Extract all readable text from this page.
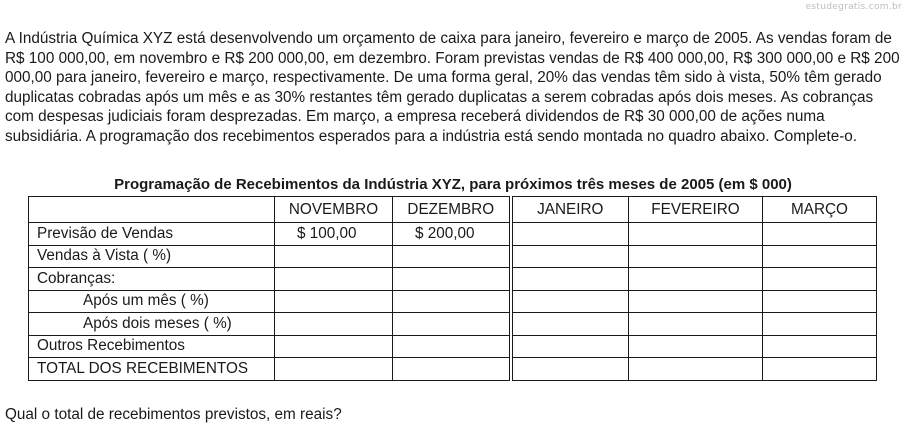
estudegratis.com.br

A Indústria Química XYZ está desenvolvendo um orçamento de caixa para janeiro, fevereiro e março de 2005. As vendas foram de R$ 100 000,00, em novembro e R$ 200 000,00, em dezembro. Foram previstas vendas de R$ 400 000,00, R$ 300 000,00 e R$ 200 000,00 para janeiro, fevereiro e março, respectivamente. De uma forma geral, 20% das vendas têm sido à vista, 50% têm gerado duplicatas cobradas após um mês e as 30% restantes têm gerado duplicatas a serem cobradas após dois meses. As cobranças com despesas judiciais foram desprezadas. Em março, a empresa receberá dividendos de R$ 30 000,00 de ações numa subsidiária. A programação dos recebimentos esperados para a indústria está sendo montada no quadro abaixo. Complete-o.

Programação de Recebimentos da Indústria XYZ, para próximos três meses de 2005 (em $ 000)
	NOVEMBRO	DEZEMBRO	JANEIRO	FEVEREIRO	MARÇO
Previsão de Vendas	$ 100,00	$ 200,00			
Vendas à Vista ( %)					
Cobranças:					
Após um mês ( %)					
Após dois meses ( %)					
Outros Recebimentos					
TOTAL DOS RECEBIMENTOS					
Qual o total de recebimentos previstos, em reais?
